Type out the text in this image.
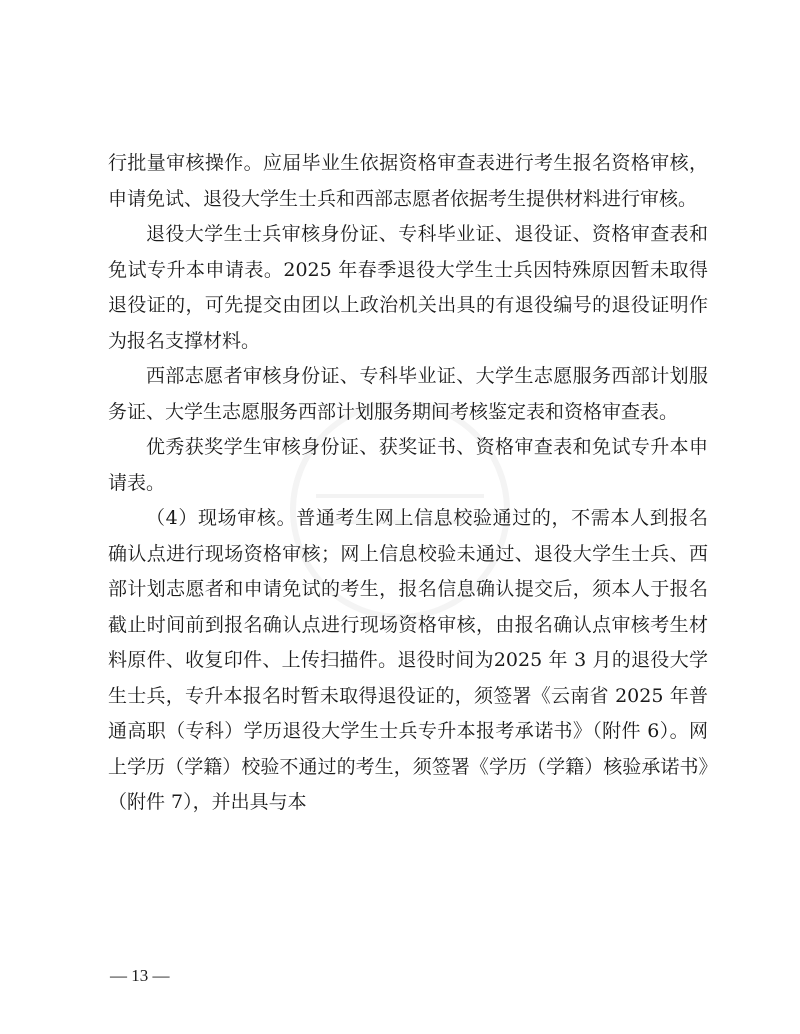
行批量审核操作。应届毕业生依据资格审查表进行考生报名资格审核，申请免试、退役大学生士兵和西部志愿者依据考生提供材料进行审核。

退役大学生士兵审核身份证、专科毕业证、退役证、资格审查表和免试专升本申请表。2025 年春季退役大学生士兵因特殊原因暂未取得退役证的，可先提交由团以上政治机关出具的有退役编号的退役证明作为报名支撑材料。

西部志愿者审核身份证、专科毕业证、大学生志愿服务西部计划服务证、大学生志愿服务西部计划服务期间考核鉴定表和资格审查表。

优秀获奖学生审核身份证、获奖证书、资格审查表和免试专升本申请表。

（4）现场审核。普通考生网上信息校验通过的，不需本人到报名确认点进行现场资格审核；网上信息校验未通过、退役大学生士兵、西部计划志愿者和申请免试的考生，报名信息确认提交后，须本人于报名截止时间前到报名确认点进行现场资格审核，由报名确认点审核考生材料原件、收复印件、上传扫描件。退役时间为2025 年 3 月的退役大学生士兵，专升本报名时暂未取得退役证的，须签署《云南省 2025 年普通高职（专科）学历退役大学生士兵专升本报考承诺书》（附件 6）。网上学历（学籍）校验不通过的考生，须签署《学历（学籍）核验承诺书》（附件 7），并出具与本

— 13 —
